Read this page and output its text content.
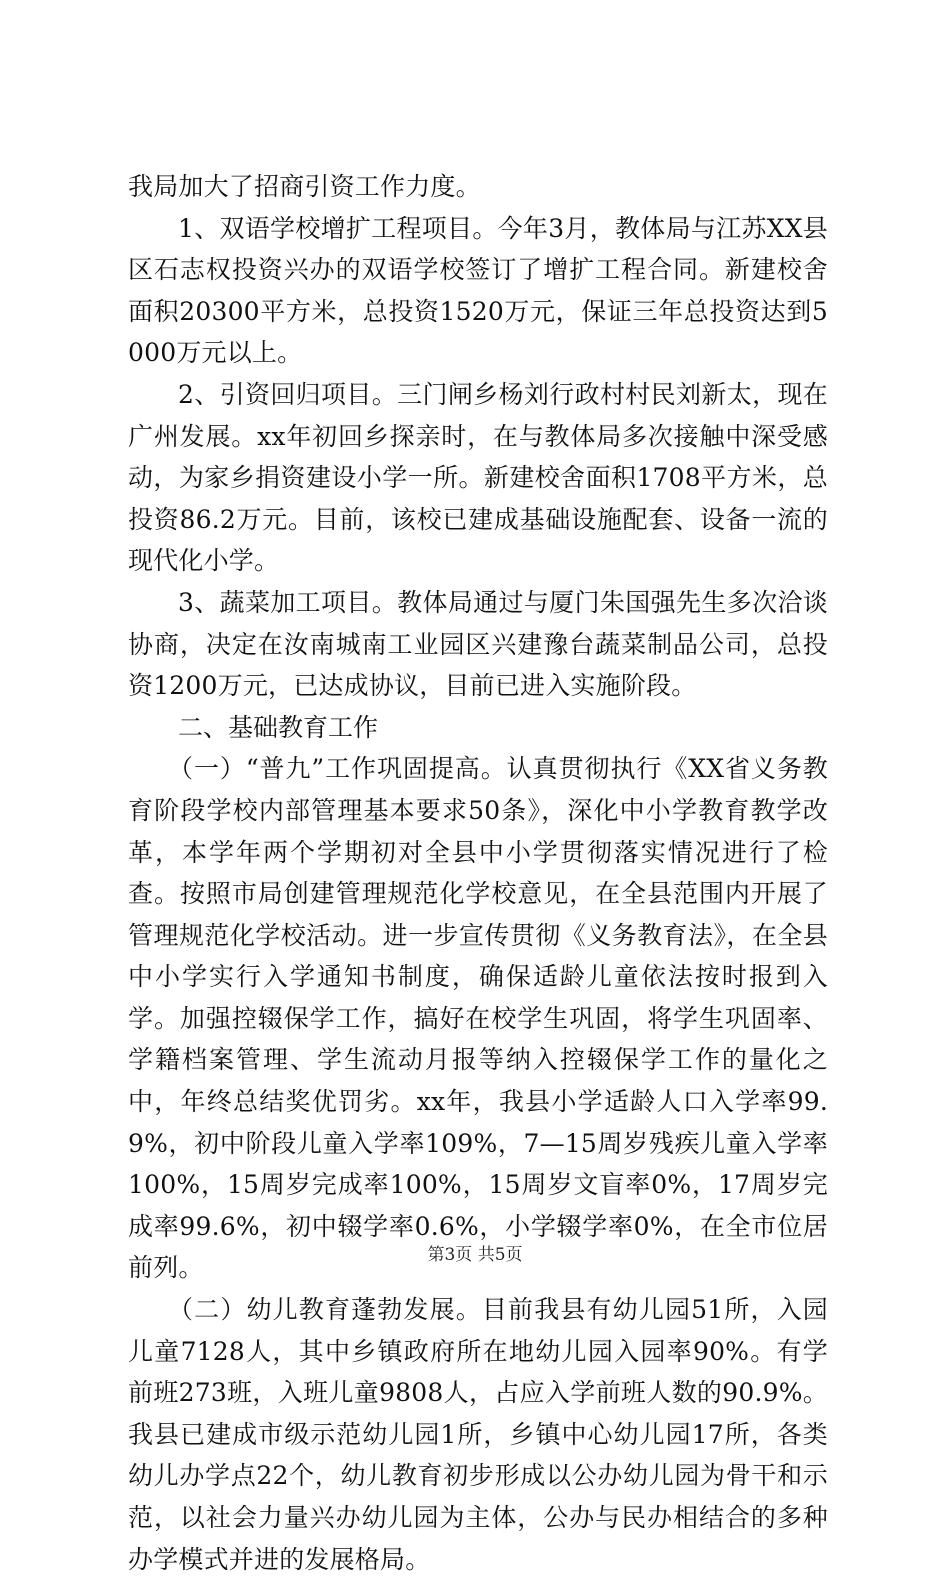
我局加大了招商引资工作力度。

1、双语学校增扩工程项目。今年3月，教体局与江苏XX县区石志权投资兴办的双语学校签订了增扩工程合同。新建校舍面积20300平方米，总投资1520万元，保证三年总投资达到5000万元以上。

2、引资回归项目。三门闸乡杨刘行政村村民刘新太，现在广州发展。xx年初回乡探亲时，在与教体局多次接触中深受感动，为家乡捐资建设小学一所。新建校舍面积1708平方米，总投资86.2万元。目前，该校已建成基础设施配套、设备一流的现代化小学。

3、蔬菜加工项目。教体局通过与厦门朱国强先生多次洽谈协商，决定在汝南城南工业园区兴建豫台蔬菜制品公司，总投资1200万元，已达成协议，目前已进入实施阶段。

二、基础教育工作

（一）“普九”工作巩固提高。认真贯彻执行《XX省义务教育阶段学校内部管理基本要求50条》，深化中小学教育教学改革，本学年两个学期初对全县中小学贯彻落实情况进行了检查。按照市局创建管理规范化学校意见，在全县范围内开展了管理规范化学校活动。进一步宣传贯彻《义务教育法》，在全县中小学实行入学通知书制度，确保适龄儿童依法按时报到入学。加强控辍保学工作，搞好在校学生巩固，将学生巩固率、学籍档案管理、学生流动月报等纳入控辍保学工作的量化之中，年终总结奖优罚劣。xx年，我县小学适龄人口入学率99.9%，初中阶段儿童入学率109%，7—15周岁残疾儿童入学率100%，15周岁完成率100%，15周岁文盲率0%，17周岁完成率99.6%，初中辍学率0.6%，小学辍学率0%，在全市位居前列。

（二）幼儿教育蓬勃发展。目前我县有幼儿园51所，入园儿童7128人，其中乡镇政府所在地幼儿园入园率90%。有学前班273班，入班儿童9808人，占应入学前班人数的90.9%。我县已建成市级示范幼儿园1所，乡镇中心幼儿园17所，各类幼儿办学点22个，幼儿教育初步形成以公办幼儿园为骨干和示范，以社会力量兴办幼儿园为主体，公办与民办相结合的多种办学模式并进的发展格局。

第3页 共5页
